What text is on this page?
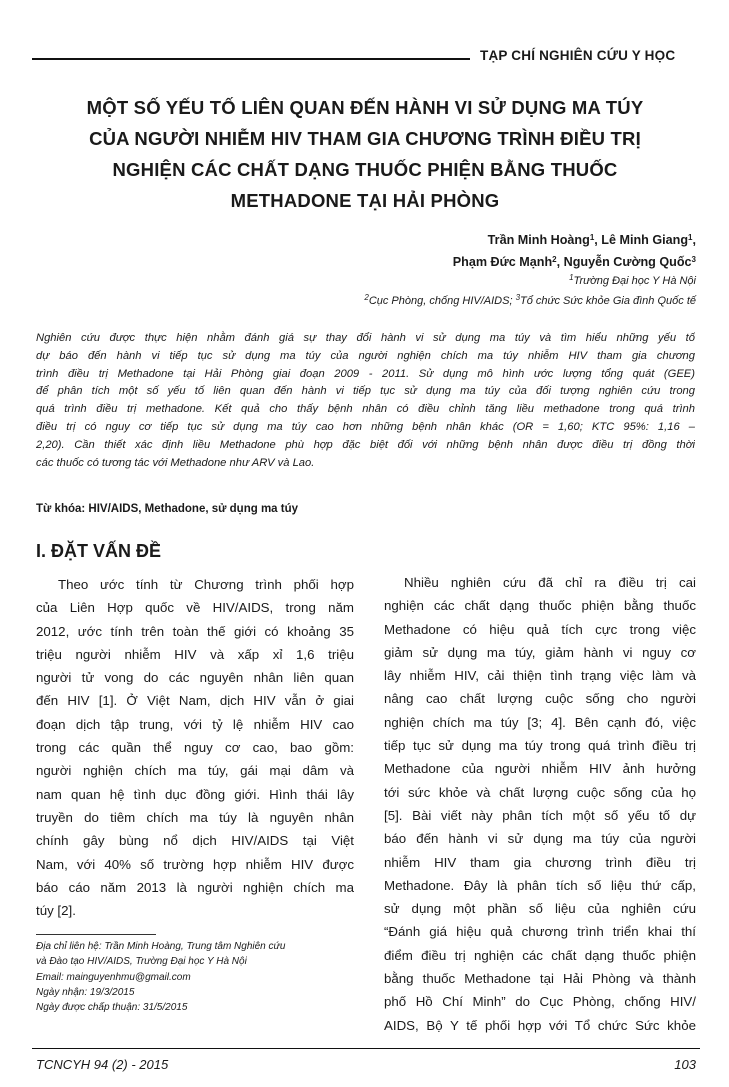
TẠP CHÍ NGHIÊN CỨU Y HỌC
MỘT SỐ YẾU TỐ LIÊN QUAN ĐẾN HÀNH VI SỬ DỤNG MA TÚY
CỦA NGƯỜI NHIỄM HIV THAM GIA CHƯƠNG TRÌNH ĐIỀU TRỊ
NGHIỆN CÁC CHẤT DẠNG THUỐC PHIỆN BẰNG THUỐC
METHADONE TẠI HẢI PHÒNG
Trần Minh Hoàng$^1$, Lê Minh Giang$^1$,
Phạm Đức Mạnh$^2$, Nguyễn Cường Quốc$^3$
$^1$Trường Đại học Y Hà Nội
$^2$Cục Phòng, chống HIV/AIDS; $^3$Tổ chức Sức khỏe Gia đình Quốc tế
Nghiên cứu được thực hiện nhằm đánh giá sự thay đổi hành vi sử dụng ma túy và tìm hiểu những yếu tố
dự báo đến hành vi tiếp tục sử dụng ma túy của người nghiện chích ma túy nhiễm HIV tham gia chương
trình điều trị Methadone tại Hải Phòng giai đoạn 2009 - 2011. Sử dụng mô hình ước lượng tổng quát (GEE)
để phân tích một số yếu tố liên quan đến hành vi tiếp tục sử dụng ma túy của đối tượng nghiên cứu trong
quá trình điều trị methadone. Kết quả cho thấy bệnh nhân có điều chỉnh tăng liều methadone trong quá trình
điều trị có nguy cơ tiếp tục sử dụng ma túy cao hơn những bệnh nhân khác (OR = 1,60; KTC 95%: 1,16 –
2,20). Cần thiết xác định liều Methadone phù hợp đặc biệt đối với những bệnh nhân được điều trị đồng thời
các thuốc có tương tác với Methadone như ARV và Lao.
Từ khóa: HIV/AIDS, Methadone, sử dụng ma túy
I. ĐẶT VẤN ĐỀ
Theo ước tính từ Chương trình phối hợp
của Liên Hợp quốc về HIV/AIDS, trong năm
2012, ước tính trên toàn thế giới có khoảng 35
triệu người nhiễm HIV và xấp xỉ 1,6 triệu
người tử vong do các nguyên nhân liên quan
đến HIV [1]. Ở Việt Nam, dịch HIV vẫn ở giai
đoạn dịch tập trung, với tỷ lệ nhiễm HIV cao
trong các quần thể nguy cơ cao, bao gồm:
người nghiện chích ma túy, gái mại dâm và
nam quan hệ tình dục đồng giới. Hình thái lây
truyền do tiêm chích ma túy là nguyên nhân
chính gây bùng nổ dịch HIV/AIDS tại Việt
Nam, với 40% số trường hợp nhiễm HIV được
báo cáo năm 2013 là người nghiện chích ma
túy [2].
Nhiều nghiên cứu đã chỉ ra điều trị cai
nghiện các chất dạng thuốc phiện bằng thuốc
Methadone có hiệu quả tích cực trong việc
giảm sử dụng ma túy, giảm hành vi nguy cơ
lây nhiễm HIV, cải thiện tình trạng việc làm và
nâng cao chất lượng cuộc sống cho người
nghiện chích ma túy [3; 4]. Bên cạnh đó, việc
tiếp tục sử dụng ma túy trong quá trình điều trị
Methadone của người nhiễm HIV ảnh hưởng
tới sức khỏe và chất lượng cuộc sống của họ
[5]. Bài viết này phân tích một số yếu tố dự
báo đến hành vi sử dụng ma túy của người
nhiễm HIV tham gia chương trình điều trị
Methadone. Đây là phân tích số liệu thứ cấp,
sử dụng một phần số liệu của nghiên cứu
“Đánh giá hiệu quả chương trình triển khai thí
điểm điều trị nghiện các chất dạng thuốc phiện
bằng thuốc Methadone tại Hải Phòng và thành
phố Hồ Chí Minh” do Cục Phòng, chống HIV/
AIDS, Bộ Y tế phối hợp với Tổ chức Sức khỏe
Địa chỉ liên hệ: Trần Minh Hoàng, Trung tâm Nghiên cứu
và Đào tạo HIV/AIDS, Trường Đại học Y Hà Nội
Email: mainguyenhmu@gmail.com
Ngày nhận: 19/3/2015
Ngày được chấp thuận: 31/5/2015
TCNCYH 94 (2) - 2015	103
